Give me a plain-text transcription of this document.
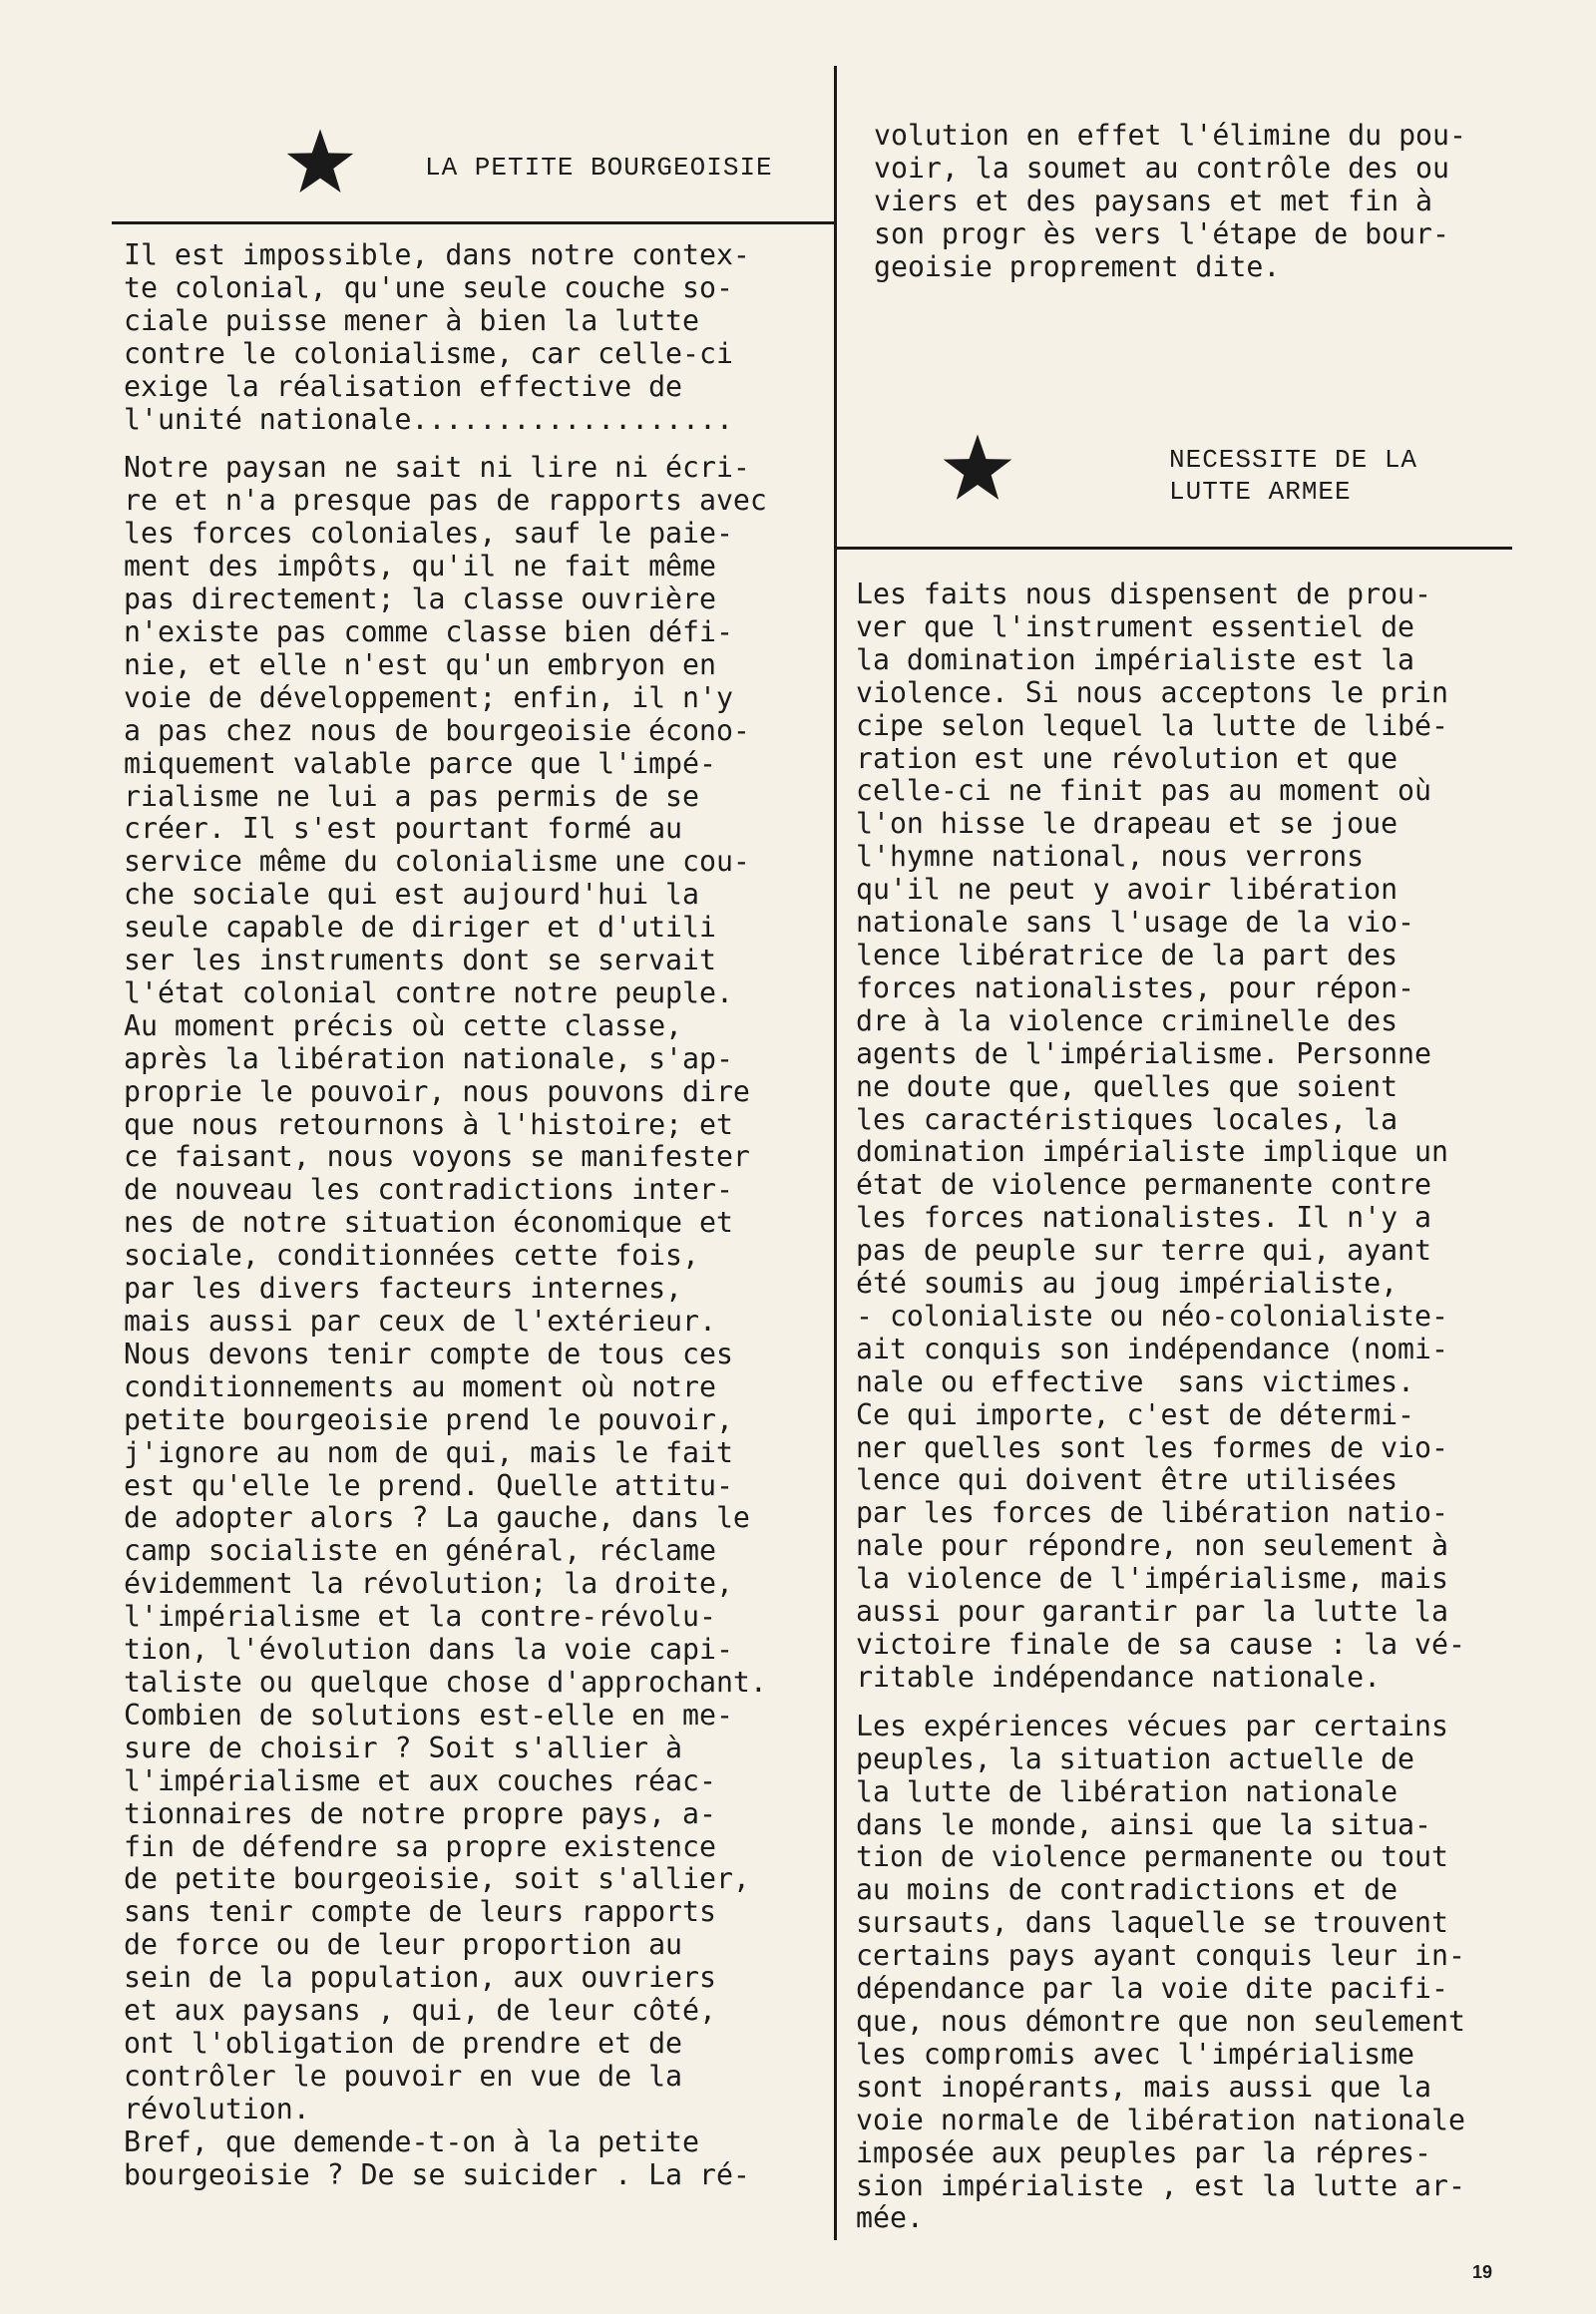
LA PETITE BOURGEOISIE

Il est impossible, dans notre contex-
te colonial, qu'une seule couche so-
ciale puisse mener à bien la lutte
contre le colonialisme, car celle-ci
exige la réalisation effective de
l'unité nationale...................

Notre paysan ne sait ni lire ni écri-
re et n'a presque pas de rapports avec
les forces coloniales, sauf le paie-
ment des impôts, qu'il ne fait même
pas directement; la classe ouvrière
n'existe pas comme classe bien défi-
nie, et elle n'est qu'un embryon en
voie de développement; enfin, il n'y
a pas chez nous de bourgeoisie écono-
miquement valable parce que l'impé-
rialisme ne lui a pas permis de se
créer. Il s'est pourtant formé au
service même du colonialisme une cou-
che sociale qui est aujourd'hui la
seule capable de diriger et d'utili
ser les instruments dont se servait
l'état colonial contre notre peuple.
Au moment précis où cette classe,
après la libération nationale, s'ap-
proprie le pouvoir, nous pouvons dire
que nous retournons à l'histoire; et
ce faisant, nous voyons se manifester
de nouveau les contradictions inter-
nes de notre situation économique et
sociale, conditionnées cette fois,
par les divers facteurs internes,
mais aussi par ceux de l'extérieur.
Nous devons tenir compte de tous ces
conditionnements au moment où notre
petite bourgeoisie prend le pouvoir,
j'ignore au nom de qui, mais le fait
est qu'elle le prend. Quelle attitu-
de adopter alors ? La gauche, dans le
camp socialiste en général, réclame
évidemment la révolution; la droite,
l'impérialisme et la contre-révolu-
tion, l'évolution dans la voie capi-
taliste ou quelque chose d'approchant.
Combien de solutions est-elle en me-
sure de choisir ? Soit s'allier à
l'impérialisme et aux couches réac-
tionnaires de notre propre pays, a-
fin de défendre sa propre existence
de petite bourgeoisie, soit s'allier,
sans tenir compte de leurs rapports
de force ou de leur proportion au
sein de la population, aux ouvriers
et aux paysans , qui, de leur côté,
ont l'obligation de prendre et de
contrôler le pouvoir en vue de la
révolution.

Bref, que demende-t-on à la petite
bourgeoisie ? De se suicider . La ré-

volution en effet l'élimine du pou-
voir, la soumet au contrôle des ou
viers et des paysans et met fin à
son progr ès vers l'étape de bour-
geoisie proprement dite.

NECESSITE DE LA
LUTTE ARMEE

Les faits nous dispensent de prou-
ver que l'instrument essentiel de
la domination impérialiste est la
violence. Si nous acceptons le prin
cipe selon lequel la lutte de libé-
ration est une révolution et que
celle-ci ne finit pas au moment où
l'on hisse le drapeau et se joue
l'hymne national, nous verrons
qu'il ne peut y avoir libération
nationale sans l'usage de la vio-
lence libératrice de la part des
forces nationalistes, pour répon-
dre à la violence criminelle des
agents de l'impérialisme. Personne
ne doute que, quelles que soient
les caractéristiques locales, la
domination impérialiste implique un
état de violence permanente contre
les forces nationalistes. Il n'y a
pas de peuple sur terre qui, ayant
été soumis au joug impérialiste,
- colonialiste ou néo-colonialiste-
ait conquis son indépendance (nomi-
nale ou effective  sans victimes.
Ce qui importe, c'est de détermi-
ner quelles sont les formes de vio-
lence qui doivent être utilisées
par les forces de libération natio-
nale pour répondre, non seulement à
la violence de l'impérialisme, mais
aussi pour garantir par la lutte la
victoire finale de sa cause : la vé-
ritable indépendance nationale.

Les expériences vécues par certains
peuples, la situation actuelle de
la lutte de libération nationale
dans le monde, ainsi que la situa-
tion de violence permanente ou tout
au moins de contradictions et de
sursauts, dans laquelle se trouvent
certains pays ayant conquis leur in-
dépendance par la voie dite pacifi-
que, nous démontre que non seulement
les compromis avec l'impérialisme
sont inopérants, mais aussi que la
voie normale de libération nationale
imposée aux peuples par la répres-
sion impérialiste , est la lutte ar-
mée.

19
